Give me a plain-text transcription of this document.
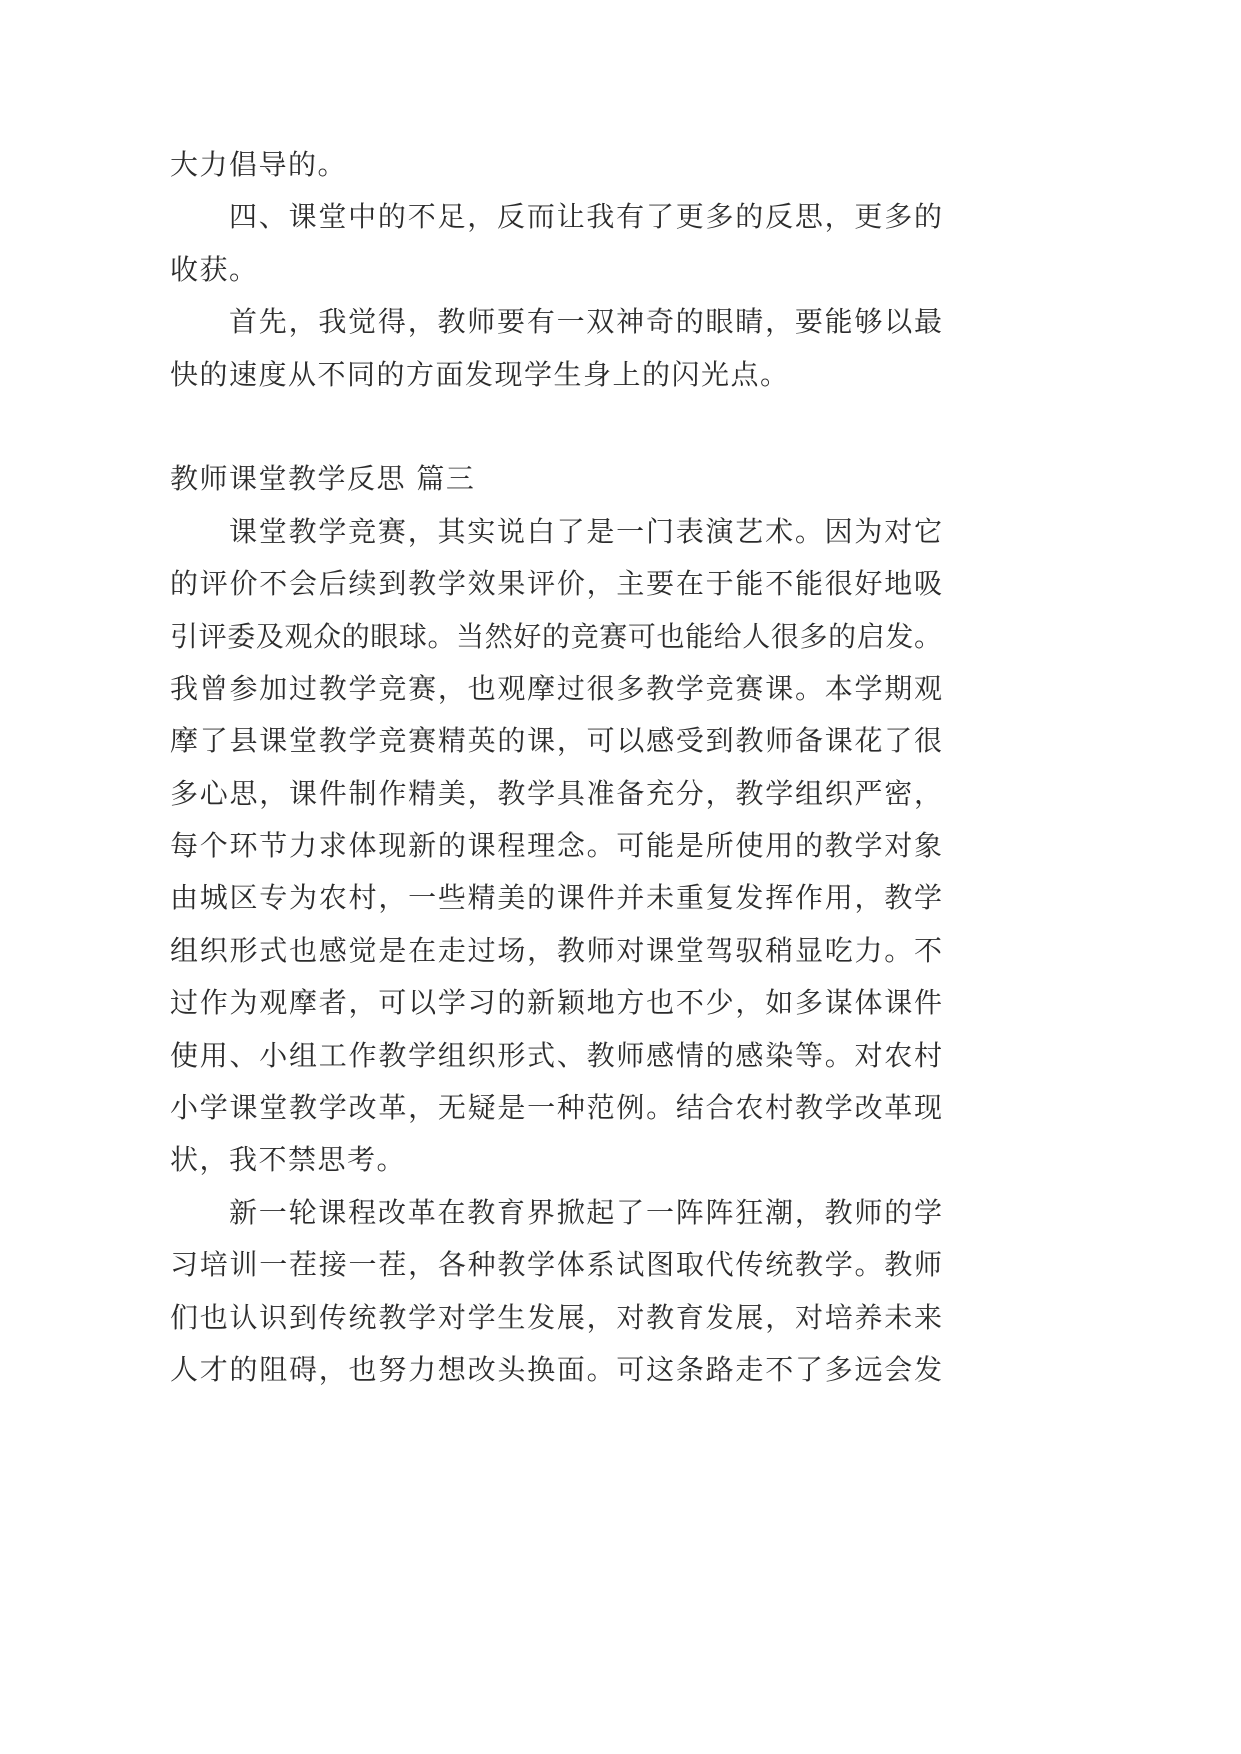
大力倡导的。
四、课堂中的不足，反而让我有了更多的反思，更多的
收获。
首先，我觉得，教师要有一双神奇的眼睛，要能够以最
快的速度从不同的方面发现学生身上的闪光点。
教师课堂教学反思 篇三
课堂教学竞赛，其实说白了是一门表演艺术。因为对它
的评价不会后续到教学效果评价，主要在于能不能很好地吸
引评委及观众的眼球。当然好的竞赛可也能给人很多的启发。
我曾参加过教学竞赛，也观摩过很多教学竞赛课。本学期观
摩了县课堂教学竞赛精英的课，可以感受到教师备课花了很
多心思，课件制作精美，教学具准备充分，教学组织严密，
每个环节力求体现新的课程理念。可能是所使用的教学对象
由城区专为农村，一些精美的课件并未重复发挥作用，教学
组织形式也感觉是在走过场，教师对课堂驾驭稍显吃力。不
过作为观摩者，可以学习的新颖地方也不少，如多谋体课件
使用、小组工作教学组织形式、教师感情的感染等。对农村
小学课堂教学改革，无疑是一种范例。结合农村教学改革现
状，我不禁思考。
新一轮课程改革在教育界掀起了一阵阵狂潮，教师的学
习培训一茬接一茬，各种教学体系试图取代传统教学。教师
们也认识到传统教学对学生发展，对教育发展，对培养未来
人才的阻碍，也努力想改头换面。可这条路走不了多远会发
